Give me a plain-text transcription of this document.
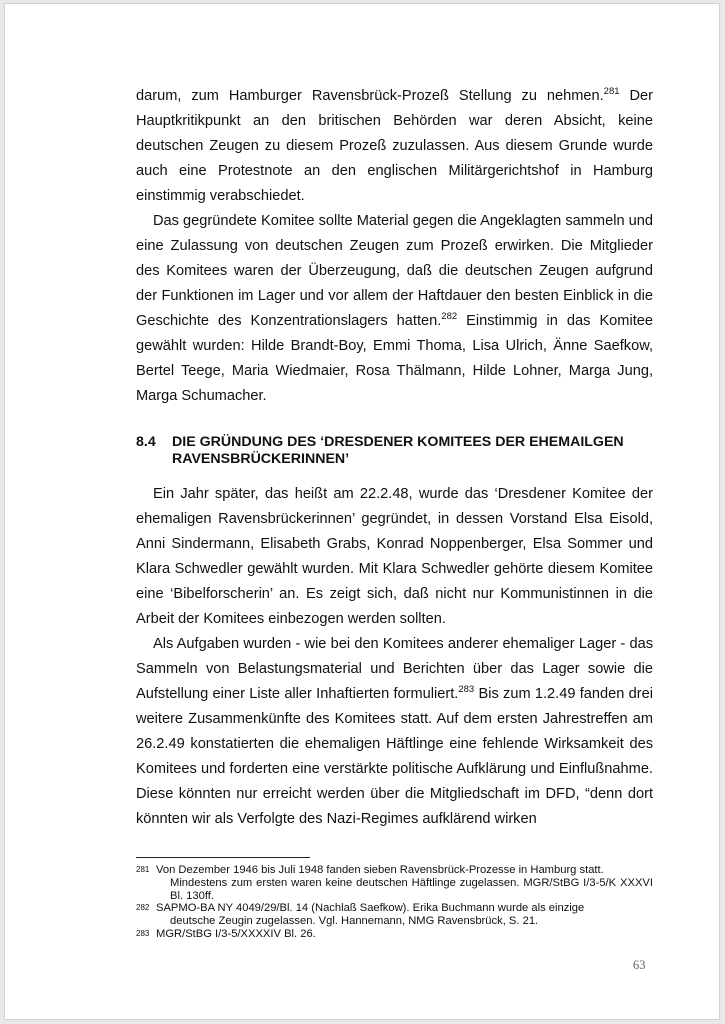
darum, zum Hamburger Ravensbrück-Prozeß Stellung zu nehmen.$^{281}$ Der Hauptkritikpunkt an den britischen Behörden war deren Absicht, keine deutschen Zeugen zu diesem Prozeß zuzulassen. Aus diesem Grunde wurde auch eine Protestnote an den englischen Militärgerichtshof in Hamburg einstimmig verabschiedet.

Das gegründete Komitee sollte Material gegen die Angeklagten sammeln und eine Zulassung von deutschen Zeugen zum Prozeß erwirken. Die Mitglieder des Komitees waren der Überzeugung, daß die deutschen Zeugen aufgrund der Funktionen im Lager und vor allem der Haftdauer den besten Einblick in die Geschichte des Konzentrationslagers hatten.$^{282}$ Einstimmig in das Komitee gewählt wurden: Hilde Brandt-Boy, Emmi Thoma, Lisa Ulrich, Änne Saefkow, Bertel Teege, Maria Wiedmaier, Rosa Thälmann, Hilde Lohner, Marga Jung, Marga Schumacher.

8.4	DIE GRÜNDUNG DES ‘DRESDENER KOMITEES DER EHEMAILGEN RAVENSBRÜCKERINNEN’

Ein Jahr später, das heißt am 22.2.48, wurde das ‘Dresdener Komitee der ehemaligen Ravensbrückerinnen’ gegründet, in dessen Vorstand Elsa Eisold, Anni Sindermann, Elisabeth Grabs, Konrad Noppenberger, Elsa Sommer und Klara Schwedler gewählt wurden. Mit Klara Schwedler gehörte diesem Komitee eine ‘Bibelforscherin’ an. Es zeigt sich, daß nicht nur Kommunistinnen in die Arbeit der Komitees einbezogen werden sollten.

Als Aufgaben wurden - wie bei den Komitees anderer ehemaliger Lager - das Sammeln von Belastungsmaterial und Berichten über das Lager sowie die Aufstellung einer Liste aller Inhaftierten formuliert.$^{283}$ Bis zum 1.2.49 fanden drei weitere Zusammenkünfte des Komitees statt. Auf dem ersten Jahrestreffen am 26.2.49 konstatierten die ehemaligen Häftlinge eine fehlende Wirksamkeit des Komitees und forderten eine verstärkte politische Aufklärung und Einflußnahme. Diese könnten nur erreicht werden über die Mitgliedschaft im DFD, “denn dort könnten wir als Verfolgte des Nazi-Regimes aufklärend wirken

281 Von Dezember 1946 bis Juli 1948 fanden sieben Ravensbrück-Prozesse in Hamburg statt.
Mindestens zum ersten waren keine deutschen Häftlinge zugelassen. MGR/StBG I/3-5/K XXXVI Bl. 130ff.
282 SAPMO-BA NY 4049/29/Bl. 14 (Nachlaß Saefkow). Erika Buchmann wurde als einzige
deutsche Zeugin zugelassen. Vgl. Hannemann, NMG Ravensbrück, S. 21.
283 MGR/StBG I/3-5/XXXXIV Bl. 26.
63
